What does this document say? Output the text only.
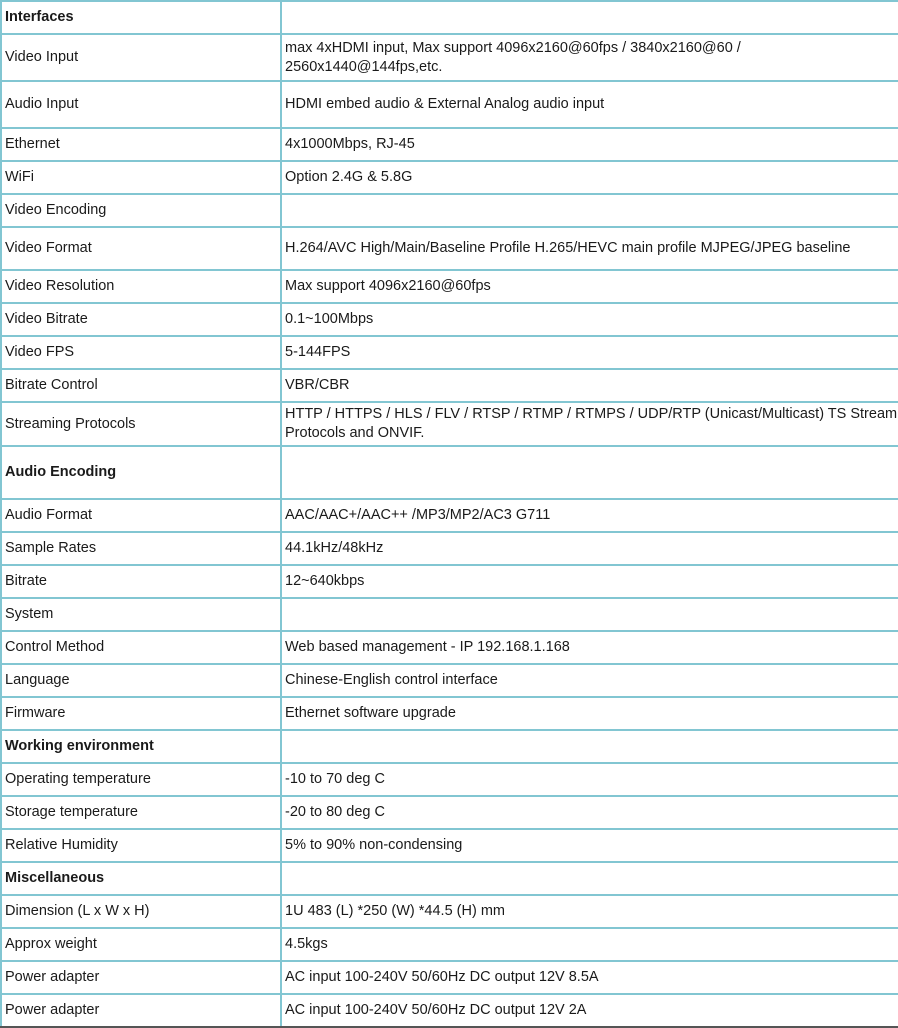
Interfaces	
Video Input	max 4xHDMI input, Max support 4096x2160@60fps / 3840x2160@60 / 2560x1440@144fps,etc.
Audio Input	HDMI embed audio & External Analog audio input
Ethernet	4x1000Mbps, RJ-45
WiFi	Option 2.4G & 5.8G
Video Encoding	
Video Format	H.264/AVC High/Main/Baseline Profile H.265/HEVC main profile MJPEG/JPEG baseline
Video Resolution	Max support 4096x2160@60fps
Video Bitrate	0.1~100Mbps
Video FPS	5-144FPS
Bitrate Control	VBR/CBR
Streaming Protocols	HTTP / HTTPS / HLS / FLV / RTSP / RTMP / RTMPS / UDP/RTP (Unicast/Multicast) TS Stream Protocols and ONVIF.
Audio Encoding	
Audio Format	AAC/AAC+/AAC++ /MP3/MP2/AC3 G711
Sample Rates	44.1kHz/48kHz
Bitrate	12~640kbps
System	
Control Method	Web based management - IP 192.168.1.168
Language	Chinese-English control interface
Firmware	Ethernet software upgrade
Working environment	
Operating temperature	-10 to 70 deg C
Storage temperature	-20 to 80 deg C
Relative Humidity	5% to 90% non-condensing
Miscellaneous	
Dimension (L x W x H)	1U 483 (L) *250 (W) *44.5 (H) mm
Approx weight	4.5kgs
Power adapter	AC input 100-240V 50/60Hz DC output 12V 8.5A
Power adapter	AC input 100-240V 50/60Hz DC output 12V 2A
